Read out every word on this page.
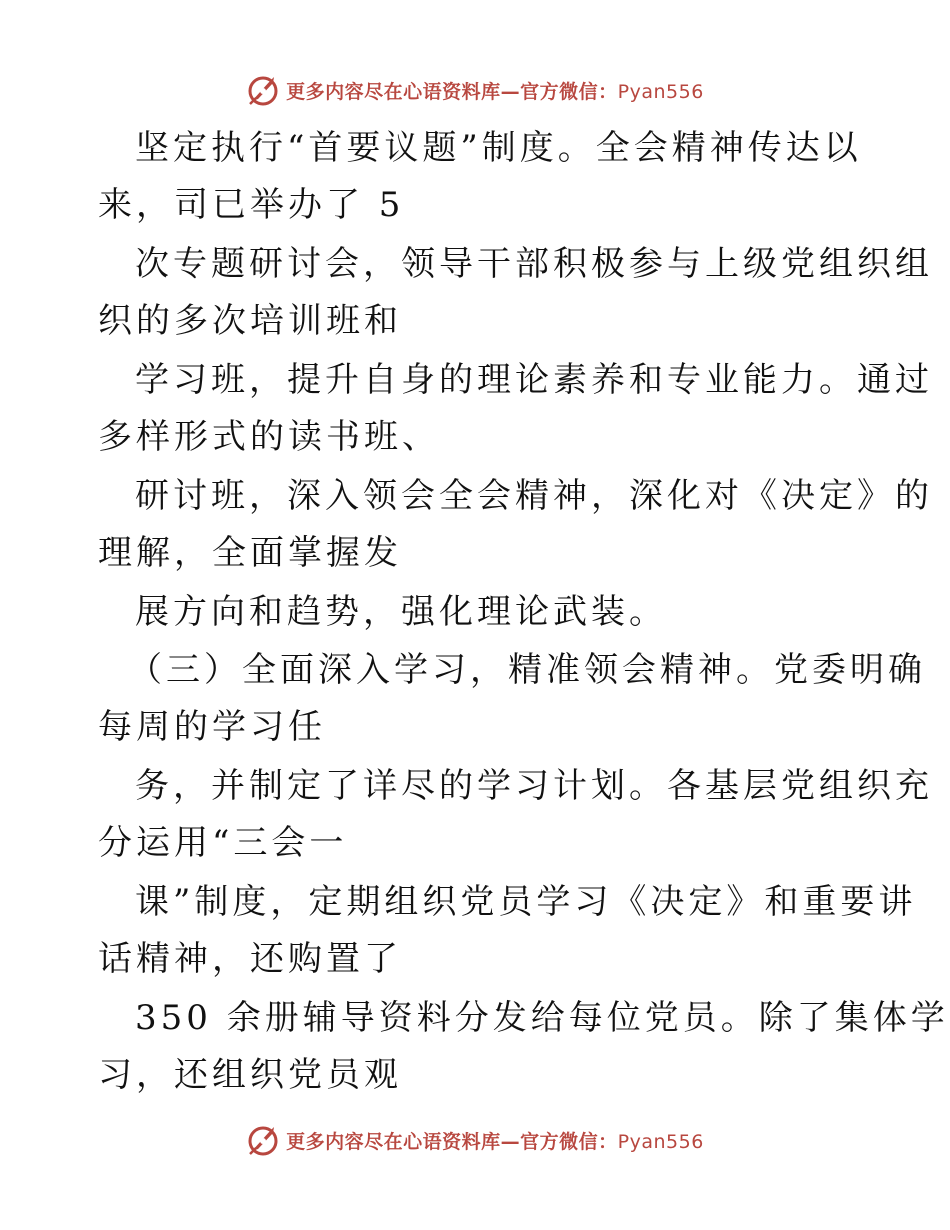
更多内容尽在心语资料库—官方微信：Pyan556
坚定执行“首要议题”制度。全会精神传达以
来，司已举办了 5
次专题研讨会，领导干部积极参与上级党组织组
织的多次培训班和
学习班，提升自身的理论素养和专业能力。通过
多样形式的读书班、
研讨班，深入领会全会精神，深化对《决定》的
理解，全面掌握发
展方向和趋势，强化理论武装。
（三）全面深入学习，精准领会精神。党委明确
每周的学习任
务，并制定了详尽的学习计划。各基层党组织充
分运用“三会一
课”制度，定期组织党员学习《决定》和重要讲
话精神，还购置了
350 余册辅导资料分发给每位党员。除了集体学
习，还组织党员观
更多内容尽在心语资料库—官方微信：Pyan556
